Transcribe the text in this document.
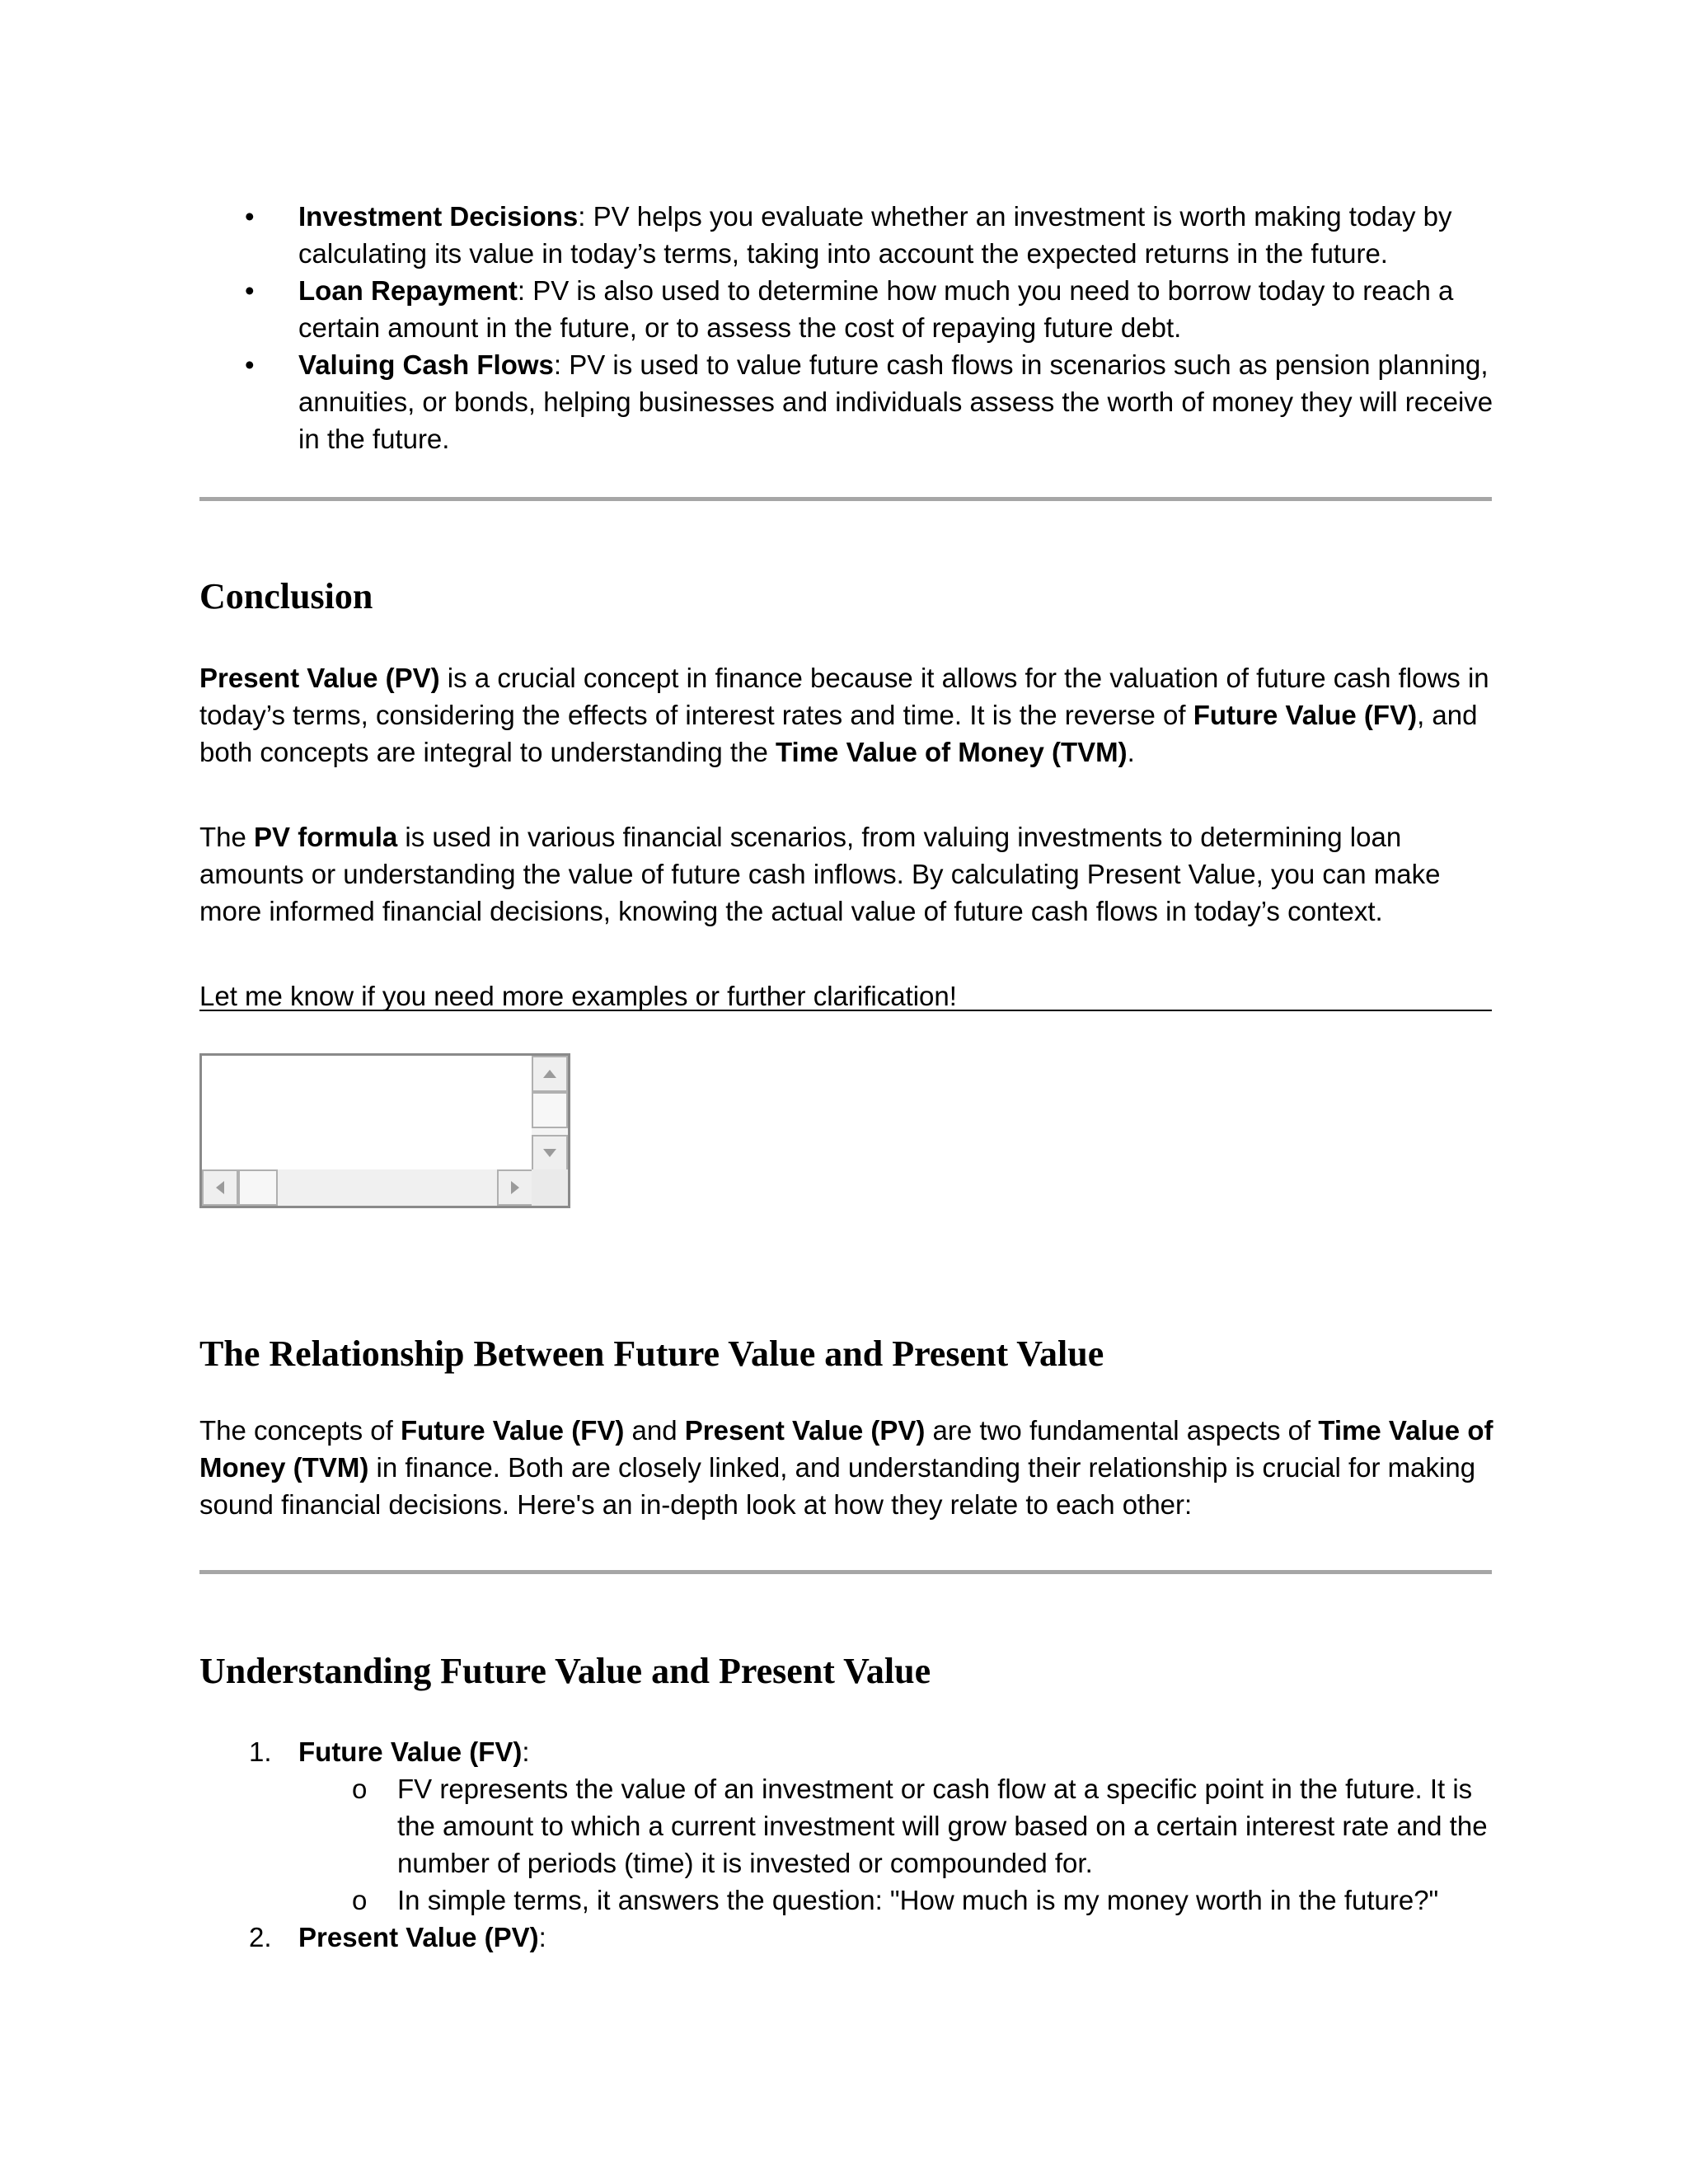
• Investment Decisions: PV helps you evaluate whether an investment is worth making today by calculating its value in today’s terms, taking into account the expected returns in the future.
• Loan Repayment: PV is also used to determine how much you need to borrow today to reach a certain amount in the future, or to assess the cost of repaying future debt.
• Valuing Cash Flows: PV is used to value future cash flows in scenarios such as pension planning, annuities, or bonds, helping businesses and individuals assess the worth of money they will receive in the future.
Conclusion

Present Value (PV) is a crucial concept in finance because it allows for the valuation of future cash flows in today’s terms, considering the effects of interest rates and time. It is the reverse of Future Value (FV), and both concepts are integral to understanding the Time Value of Money (TVM).

The PV formula is used in various financial scenarios, from valuing investments to determining loan amounts or understanding the value of future cash inflows. By calculating Present Value, you can make more informed financial decisions, knowing the actual value of future cash flows in today’s context.

Let me know if you need more examples or further clarification!

The Relationship Between Future Value and Present Value

The concepts of Future Value (FV) and Present Value (PV) are two fundamental aspects of Time Value of Money (TVM) in finance. Both are closely linked, and understanding their relationship is crucial for making sound financial decisions. Here's an in-depth look at how they relate to each other:

Understanding Future Value and Present Value
1. Future Value (FV):
o FV represents the value of an investment or cash flow at a specific point in the future. It is the amount to which a current investment will grow based on a certain interest rate and the number of periods (time) it is invested or compounded for.
o In simple terms, it answers the question: "How much is my money worth in the future?"
2. Present Value (PV):
